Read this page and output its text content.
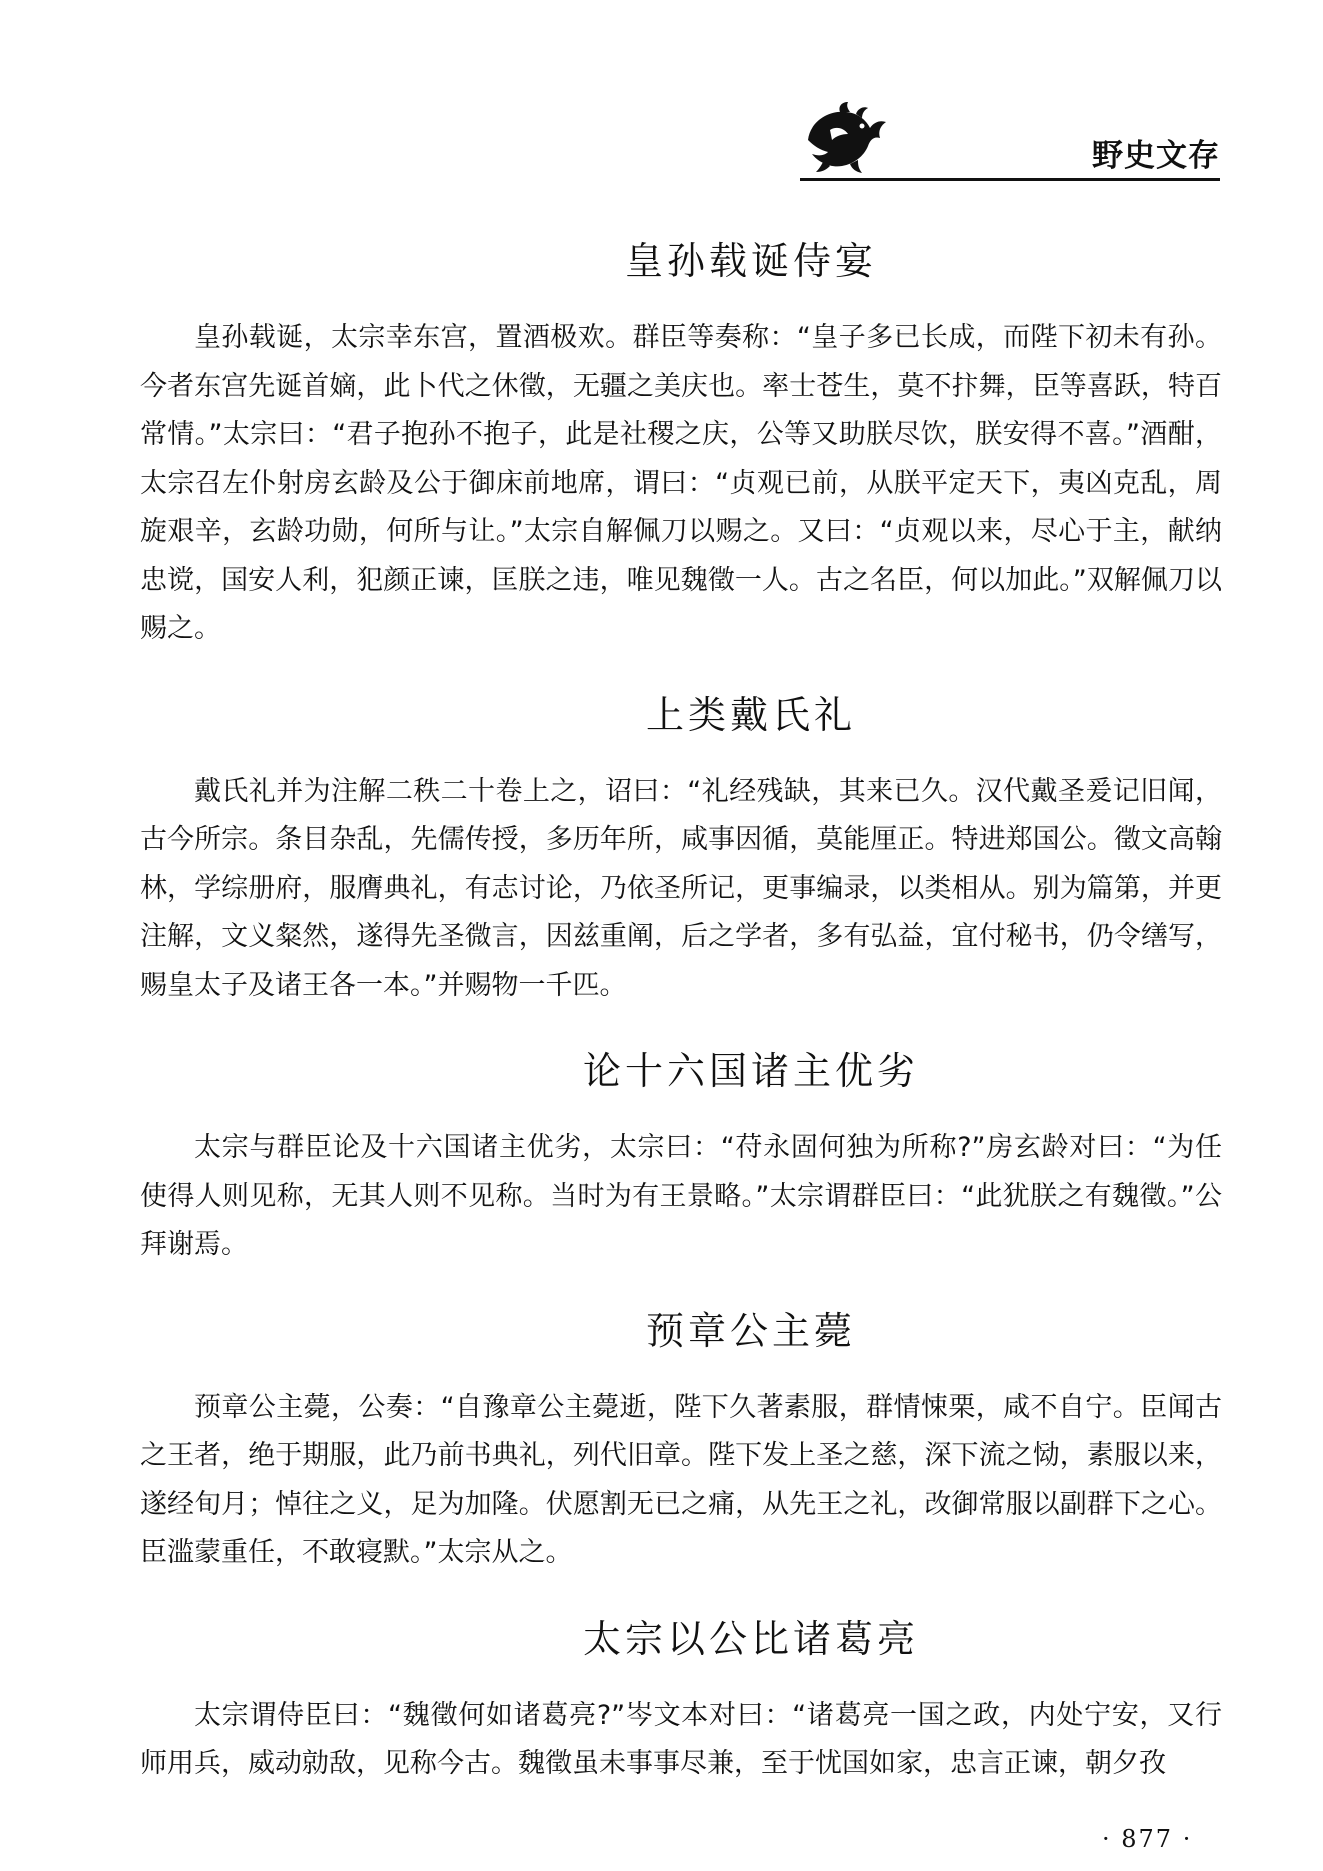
野史文存
皇孙载诞侍宴

皇孙载诞，太宗幸东宫，置酒极欢。群臣等奏称：“皇子多已长成，而陛下初未有孙。今者东宫先诞首嫡，此卜代之休徵，无疆之美庆也。率士苍生，莫不抃舞，臣等喜跃，特百常情。”太宗曰：“君子抱孙不抱子，此是社稷之庆，公等又助朕尽饮，朕安得不喜。”酒酣，太宗召左仆射房玄龄及公于御床前地席，谓曰：“贞观已前，从朕平定天下，夷凶克乱，周旋艰辛，玄龄功勋，何所与让。”太宗自解佩刀以赐之。又曰：“贞观以来，尽心于主，献纳忠谠，国安人利，犯颜正谏，匡朕之违，唯见魏徵一人。古之名臣，何以加此。”双解佩刀以赐之。

上类戴氏礼

戴氏礼并为注解二秩二十卷上之，诏曰：“礼经残缺，其来已久。汉代戴圣爰记旧闻，古今所宗。条目杂乱，先儒传授，多历年所，咸事因循，莫能厘正。特进郑国公。徵文高翰林，学综册府，服膺典礼，有志讨论，乃依圣所记，更事编录，以类相从。别为篇第，并更注解，文义粲然，遂得先圣微言，因兹重阐，后之学者，多有弘益，宜付秘书，仍令缮写，赐皇太子及诸王各一本。”并赐物一千匹。

论十六国诸主优劣

太宗与群臣论及十六国诸主优劣，太宗曰：“苻永固何独为所称?”房玄龄对曰：“为任使得人则见称，无其人则不见称。当时为有王景略。”太宗谓群臣曰：“此犹朕之有魏徵。”公拜谢焉。

预章公主薨

预章公主薨，公奏：“自豫章公主薨逝，陛下久著素服，群情悚栗，咸不自宁。臣闻古之王者，绝于期服，此乃前书典礼，列代旧章。陛下发上圣之慈，深下流之恸，素服以来，遂经旬月；悼往之义，足为加隆。伏愿割无已之痛，从先王之礼，改御常服以副群下之心。臣滥蒙重任，不敢寝默。”太宗从之。

太宗以公比诸葛亮

太宗谓侍臣曰：“魏徵何如诸葛亮?”岑文本对曰：“诸葛亮一国之政，内处宁安，又行师用兵，威动勍敌，见称今古。魏徵虽未事事尽兼，至于忧国如家，忠言正谏，朝夕孜

· 877 ·
